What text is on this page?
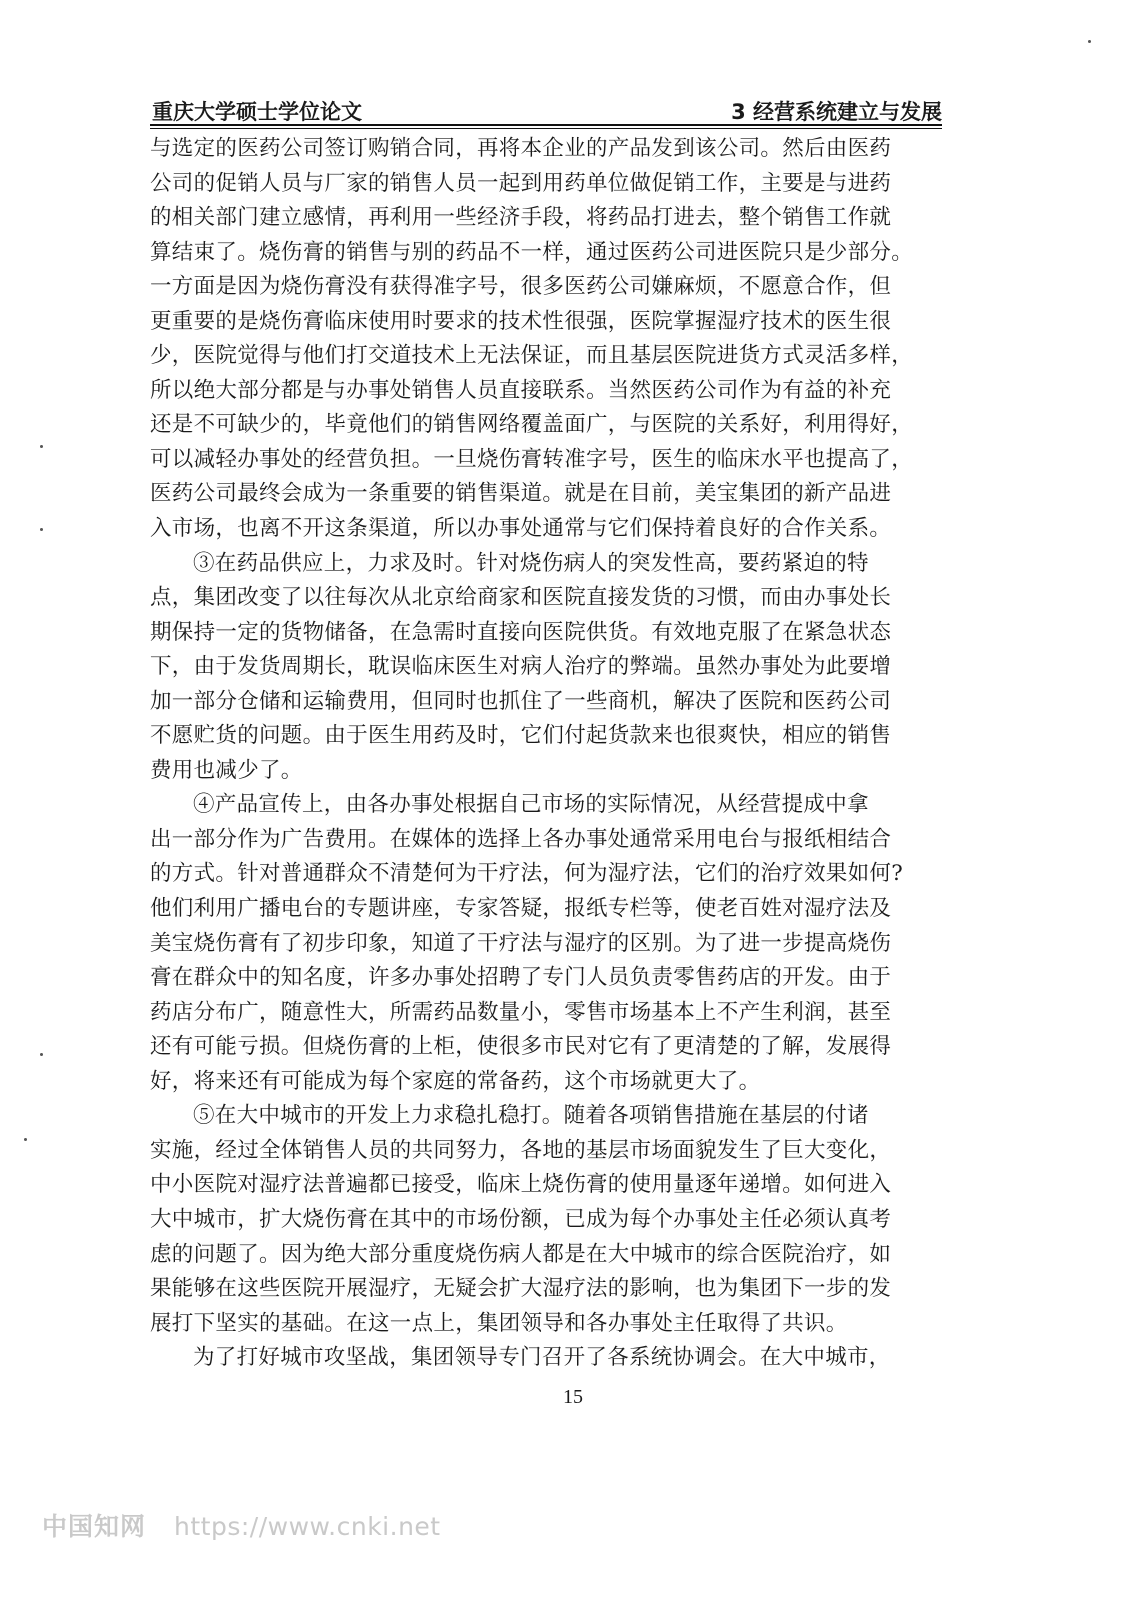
重庆大学硕士学位论文	3 经营系统建立与发展
与选定的医药公司签订购销合同，再将本企业的产品发到该公司。然后由医药
公司的促销人员与厂家的销售人员一起到用药单位做促销工作，主要是与进药
的相关部门建立感情，再利用一些经济手段，将药品打进去，整个销售工作就
算结束了。烧伤膏的销售与别的药品不一样，通过医药公司进医院只是少部分。
一方面是因为烧伤膏没有获得准字号，很多医药公司嫌麻烦，不愿意合作，但
更重要的是烧伤膏临床使用时要求的技术性很强，医院掌握湿疗技术的医生很
少，医院觉得与他们打交道技术上无法保证，而且基层医院进货方式灵活多样，
所以绝大部分都是与办事处销售人员直接联系。当然医药公司作为有益的补充
还是不可缺少的，毕竟他们的销售网络覆盖面广，与医院的关系好，利用得好，
可以减轻办事处的经营负担。一旦烧伤膏转准字号，医生的临床水平也提高了，
医药公司最终会成为一条重要的销售渠道。就是在目前，美宝集团的新产品进
入市场，也离不开这条渠道，所以办事处通常与它们保持着良好的合作关系。
③在药品供应上，力求及时。针对烧伤病人的突发性高，要药紧迫的特
点，集团改变了以往每次从北京给商家和医院直接发货的习惯，而由办事处长
期保持一定的货物储备，在急需时直接向医院供货。有效地克服了在紧急状态
下，由于发货周期长，耽误临床医生对病人治疗的弊端。虽然办事处为此要增
加一部分仓储和运输费用，但同时也抓住了一些商机，解决了医院和医药公司
不愿贮货的问题。由于医生用药及时，它们付起货款来也很爽快，相应的销售
费用也减少了。
④产品宣传上，由各办事处根据自己市场的实际情况，从经营提成中拿
出一部分作为广告费用。在媒体的选择上各办事处通常采用电台与报纸相结合
的方式。针对普通群众不清楚何为干疗法，何为湿疗法，它们的治疗效果如何?
他们利用广播电台的专题讲座，专家答疑，报纸专栏等，使老百姓对湿疗法及
美宝烧伤膏有了初步印象，知道了干疗法与湿疗的区别。为了进一步提高烧伤
膏在群众中的知名度，许多办事处招聘了专门人员负责零售药店的开发。由于
药店分布广，随意性大，所需药品数量小，零售市场基本上不产生利润，甚至
还有可能亏损。但烧伤膏的上柜，使很多市民对它有了更清楚的了解，发展得
好，将来还有可能成为每个家庭的常备药，这个市场就更大了。
⑤在大中城市的开发上力求稳扎稳打。随着各项销售措施在基层的付诸
实施，经过全体销售人员的共同努力，各地的基层市场面貌发生了巨大变化，
中小医院对湿疗法普遍都已接受，临床上烧伤膏的使用量逐年递增。如何进入
大中城市，扩大烧伤膏在其中的市场份额，已成为每个办事处主任必须认真考
虑的问题了。因为绝大部分重度烧伤病人都是在大中城市的综合医院治疗，如
果能够在这些医院开展湿疗，无疑会扩大湿疗法的影响，也为集团下一步的发
展打下坚实的基础。在这一点上，集团领导和各办事处主任取得了共识。
为了打好城市攻坚战，集团领导专门召开了各系统协调会。在大中城市，
15
中国知网 https://www.cnki.net
